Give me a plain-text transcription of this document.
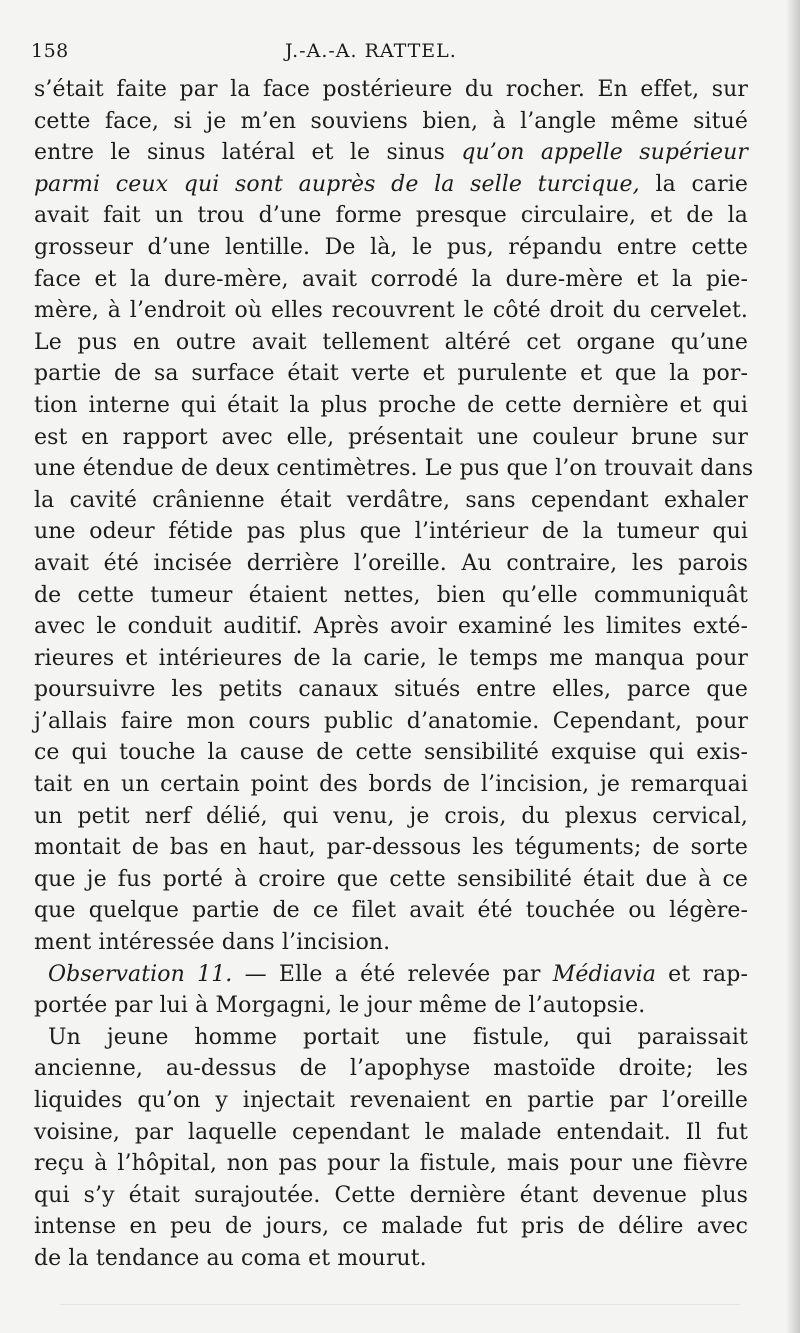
158	J.-A.-A. RATTEL.
s’était faite par la face postérieure du rocher. En effet, sur
cette face, si je m’en souviens bien, à l’angle même situé
entre le sinus latéral et le sinus qu’on appelle supérieur
parmi ceux qui sont auprès de la selle turcique, la carie
avait fait un trou d’une forme presque circulaire, et de la
grosseur d’une lentille. De là, le pus, répandu entre cette
face et la dure-mère, avait corrodé la dure-mère et la pie-
mère, à l’endroit où elles recouvrent le côté droit du cervelet.
Le pus en outre avait tellement altéré cet organe qu’une
partie de sa surface était verte et purulente et que la por-
tion interne qui était la plus proche de cette dernière et qui
est en rapport avec elle, présentait une couleur brune sur
une étendue de deux centimètres. Le pus que l’on trouvait dans
la cavité crânienne était verdâtre, sans cependant exhaler
une odeur fétide pas plus que l’intérieur de la tumeur qui
avait été incisée derrière l’oreille. Au contraire, les parois
de cette tumeur étaient nettes, bien qu’elle communiquât
avec le conduit auditif. Après avoir examiné les limites exté-
rieures et intérieures de la carie, le temps me manqua pour
poursuivre les petits canaux situés entre elles, parce que
j’allais faire mon cours public d’anatomie. Cependant, pour
ce qui touche la cause de cette sensibilité exquise qui exis-
tait en un certain point des bords de l’incision, je remarquai
un petit nerf délié, qui venu, je crois, du plexus cervical,
montait de bas en haut, par-dessous les téguments; de sorte
que je fus porté à croire que cette sensibilité était due à ce
que quelque partie de ce filet avait été touchée ou légère-
ment intéressée dans l’incision.
Observation 11. — Elle a été relevée par Médiavia et rap-
portée par lui à Morgagni, le jour même de l’autopsie.
Un jeune homme portait une fistule, qui paraissait
ancienne, au-dessus de l’apophyse mastoïde droite; les
liquides qu’on y injectait revenaient en partie par l’oreille
voisine, par laquelle cependant le malade entendait. Il fut
reçu à l’hôpital, non pas pour la fistule, mais pour une fièvre
qui s’y était surajoutée. Cette dernière étant devenue plus
intense en peu de jours, ce malade fut pris de délire avec
de la tendance au coma et mourut.
